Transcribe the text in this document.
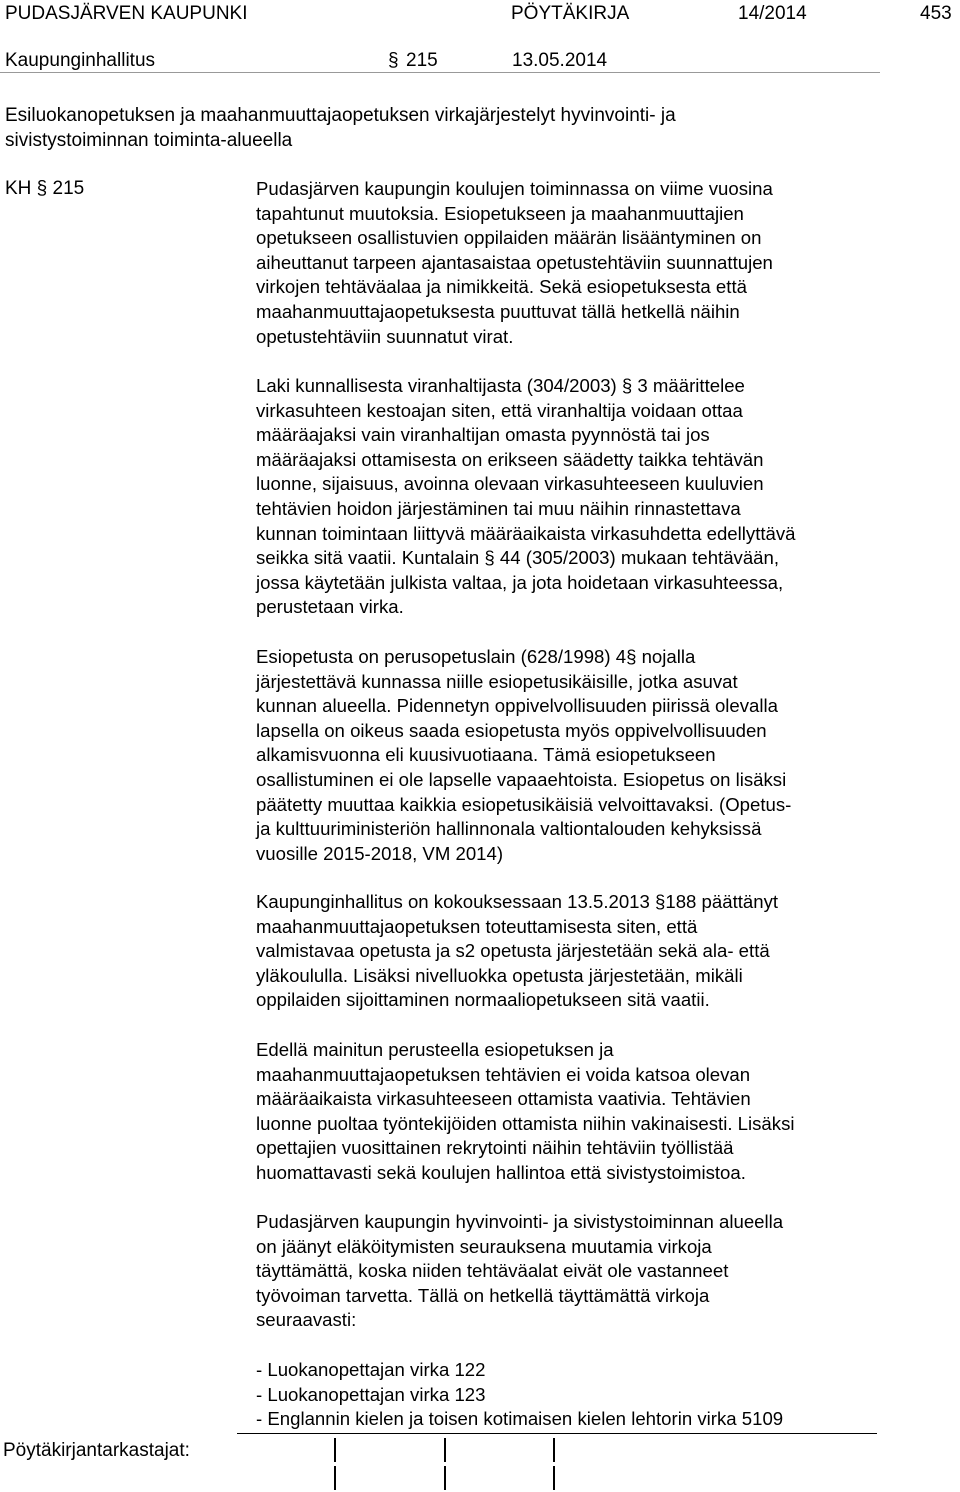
PUDASJÄRVEN KAUPUNKI	PÖYTÄKIRJA	14/2014	453
Kaupunginhallitus	§ 215	13.05.2014
Esiluokanopetuksen ja maahanmuuttajaopetuksen virkajärjestelyt hyvinvointi- ja
sivistystoiminnan toiminta-alueella
KH § 215	Pudasjärven kaupungin koulujen toiminnassa on viime vuosina

tapahtunut muutoksia. Esiopetukseen ja maahanmuuttajien

opetukseen osallistuvien oppilaiden määrän lisääntyminen on

aiheuttanut tarpeen ajantasaistaa opetustehtäviin suunnattujen

virkojen tehtäväalaa ja nimikkeitä. Sekä esiopetuksesta että

maahanmuuttajaopetuksesta puuttuvat tällä hetkellä näihin

opetustehtäviin suunnatut virat.

Laki kunnallisesta viranhaltijasta (304/2003) § 3 määrittelee

virkasuhteen kestoajan siten, että viranhaltija voidaan ottaa

määräajaksi vain viranhaltijan omasta pyynnöstä tai jos

määräajaksi ottamisesta on erikseen säädetty taikka tehtävän

luonne, sijaisuus, avoinna olevaan virkasuhteeseen kuuluvien

tehtävien hoidon järjestäminen tai muu näihin rinnastettava

kunnan toimintaan liittyvä määräaikaista virkasuhdetta edellyttävä

seikka sitä vaatii. Kuntalain § 44 (305/2003) mukaan tehtävään,

jossa käytetään julkista valtaa, ja jota hoidetaan virkasuhteessa,

perustetaan virka.

Esiopetusta on perusopetuslain (628/1998) 4§ nojalla

järjestettävä kunnassa niille esiopetusikäisille, jotka asuvat

kunnan alueella. Pidennetyn oppivelvollisuuden piirissä olevalla

lapsella on oikeus saada esiopetusta myös oppivelvollisuuden

alkamisvuonna eli kuusivuotiaana. Tämä esiopetukseen

osallistuminen ei ole lapselle vapaaehtoista. Esiopetus on lisäksi

päätetty muuttaa kaikkia esiopetusikäisiä velvoittavaksi. (Opetus-

ja kulttuuriministeriön hallinnonala valtiontalouden kehyksissä

vuosille 2015-2018, VM 2014)

Kaupunginhallitus on kokouksessaan 13.5.2013 §188 päättänyt

maahanmuuttajaopetuksen toteuttamisesta siten, että

valmistavaa opetusta ja s2 opetusta järjestetään sekä ala- että

yläkoululla. Lisäksi nivelluokka opetusta järjestetään, mikäli

oppilaiden sijoittaminen normaaliopetukseen sitä vaatii.

Edellä mainitun perusteella esiopetuksen ja

maahanmuuttajaopetuksen tehtävien ei voida katsoa olevan

määräaikaista virkasuhteeseen ottamista vaativia. Tehtävien

luonne puoltaa työntekijöiden ottamista niihin vakinaisesti. Lisäksi

opettajien vuosittainen rekrytointi näihin tehtäviin työllistää

huomattavasti sekä koulujen hallintoa että sivistystoimistoa.

Pudasjärven kaupungin hyvinvointi- ja sivistystoiminnan alueella

on jäänyt eläköitymisten seurauksena muutamia virkoja

täyttämättä, koska niiden tehtäväalat eivät ole vastanneet

työvoiman tarvetta. Tällä on hetkellä täyttämättä virkoja

seuraavasti:

- Luokanopettajan virka 122

- Luokanopettajan virka 123

- Englannin kielen ja toisen kotimaisen kielen lehtorin virka 5109

Pöytäkirjantarkastajat:
